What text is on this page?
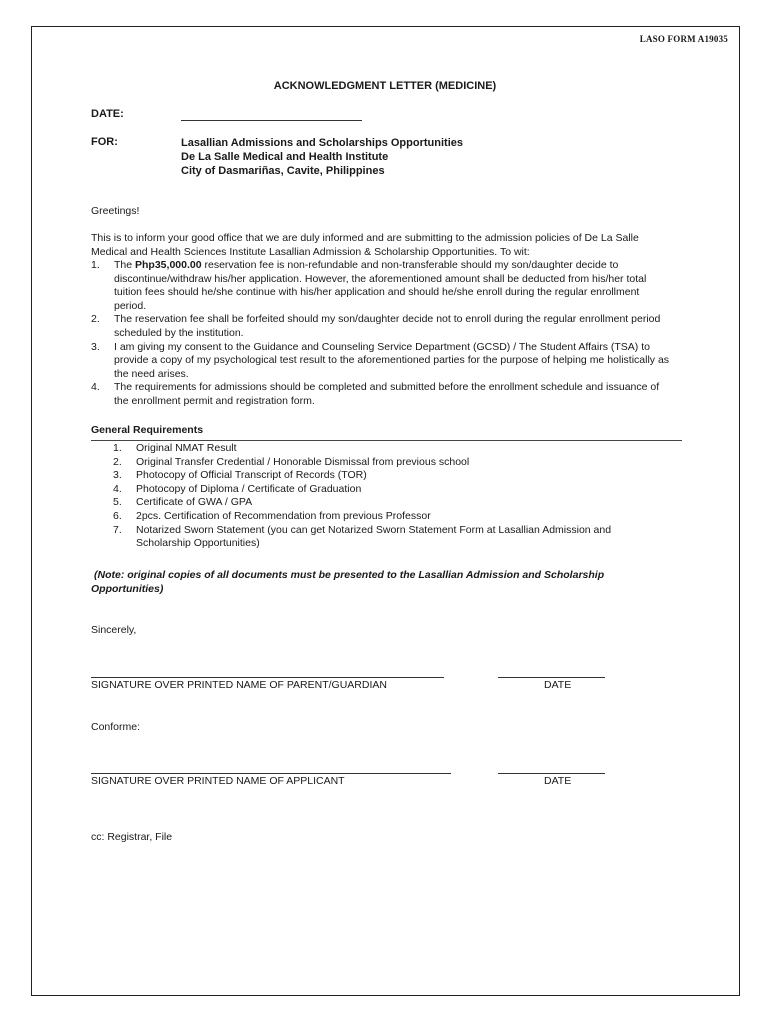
LASO FORM A19035
ACKNOWLEDGMENT LETTER (MEDICINE)
DATE:
FOR:	Lasallian Admissions and Scholarships Opportunities
De La Salle Medical and Health Institute
City of Dasmariñas, Cavite, Philippines
Greetings!
This is to inform your good office that we are duly informed and are submitting to the admission policies of De La Salle Medical and Health Sciences Institute Lasallian Admission & Scholarship Opportunities. To wit:
1. The Php35,000.00 reservation fee is non-refundable and non-transferable should my son/daughter decide to discontinue/withdraw his/her application. However, the aforementioned amount shall be deducted from his/her total tuition fees should he/she continue with his/her application and should he/she enroll during the regular enrollment period.
2. The reservation fee shall be forfeited should my son/daughter decide not to enroll during the regular enrollment period scheduled by the institution.
3. I am giving my consent to the Guidance and Counseling Service Department (GCSD) / The Student Affairs (TSA) to provide a copy of my psychological test result to the aforementioned parties for the purpose of helping me holistically as the need arises.
4. The requirements for admissions should be completed and submitted before the enrollment schedule and issuance of the enrollment permit and registration form.
General Requirements
1. Original NMAT Result
2. Original Transfer Credential / Honorable Dismissal from previous school
3. Photocopy of Official Transcript of Records (TOR)
4. Photocopy of Diploma / Certificate of Graduation
5. Certificate of GWA / GPA
6. 2pcs. Certification of Recommendation from previous Professor
7. Notarized Sworn Statement (you can get Notarized Sworn Statement Form at Lasallian Admission and Scholarship Opportunities)
(Note: original copies of all documents must be presented to the Lasallian Admission and Scholarship Opportunities)
Sincerely,
SIGNATURE OVER PRINTED NAME OF PARENT/GUARDIAN	DATE
Conforme:
SIGNATURE OVER PRINTED NAME OF APPLICANT	DATE
cc: Registrar, File
